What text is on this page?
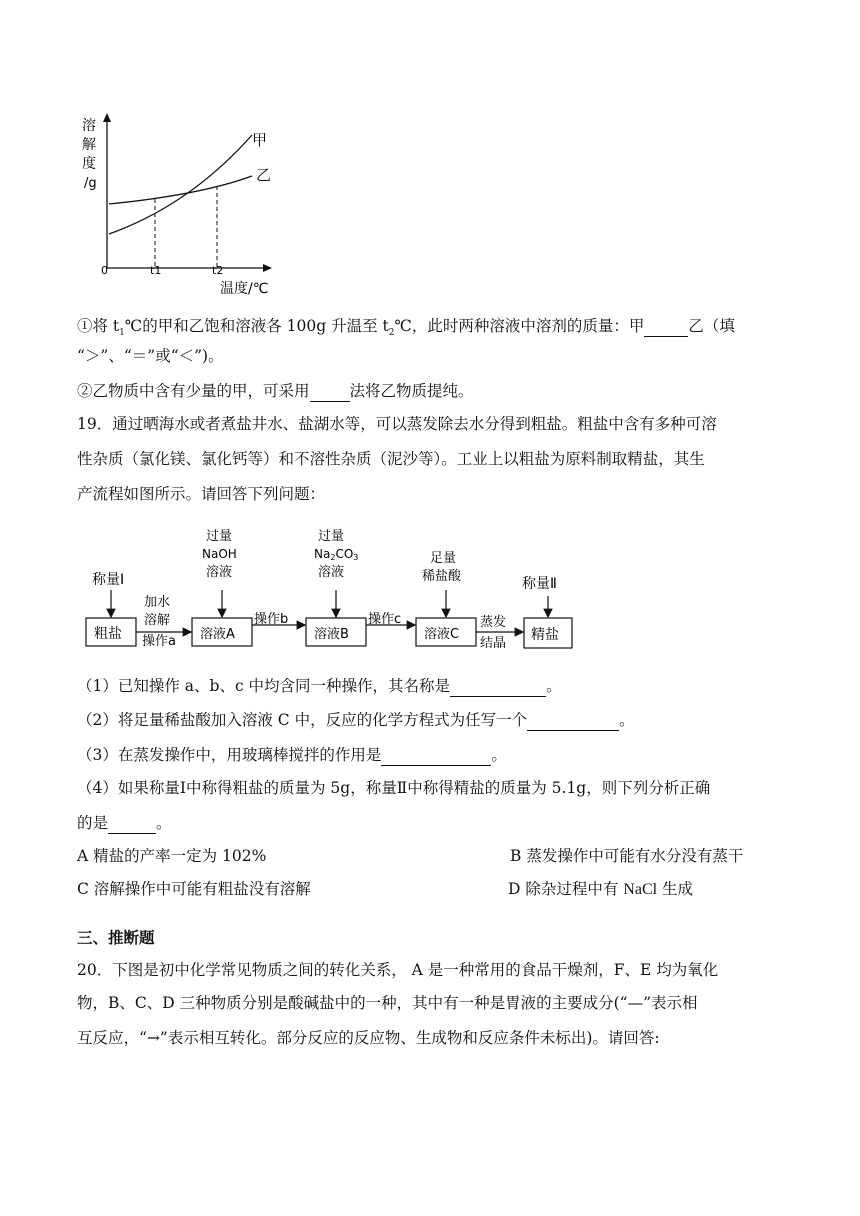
溶
解
度
/g
0	t1	t2
温度/℃
甲
乙
①将 $t_1℃$的甲和乙饱和溶液各 100g 升温至 $t_2℃$，此时两种溶液中溶剂的质量：甲	乙（填
“＞”、“＝”或“＜”)。
②乙物质中含有少量的甲，可采用	法将乙物质提纯。
19．通过晒海水或者煮盐井水、盐湖水等，可以蒸发除去水分得到粗盐。粗盐中含有多种可溶
性杂质（氯化镁、氯化钙等）和不溶性杂质（泥沙等）。工业上以粗盐为原料制取精盐，其生
产流程如图所示。请回答下列问题：
粗盐	溶液A	溶液B	溶液C	精盐
称量Ⅰ
过量
NaOH
溶液
过量
Na2CO3
溶液
足量
稀盐酸	称量Ⅱ
加水
溶解
操作a
操作b	操作c	蒸发
结晶
（1）已知操作 a、b、c 中均含同一种操作，其名称是	。
（2）将足量稀盐酸加入溶液 C 中，反应的化学方程式为任写一个	。
（3）在蒸发操作中，用玻璃棒搅拌的作用是	。
（4）如果称量Ⅰ中称得粗盐的质量为 5g，称量Ⅱ中称得精盐的质量为 5.1g，则下列分析正确
的是	。
A 精盐的产率一定为 102%	B 蒸发操作中可能有水分没有蒸干
C 溶解操作中可能有粗盐没有溶解	D 除杂过程中有 NaCl 生成
三、推断题
20．下图是初中化学常见物质之间的转化关系， A 是一种常用的食品干燥剂，F、E 均为氧化
物，B、C、D 三种物质分别是酸碱盐中的一种，其中有一种是胃液的主要成分(“—”表示相
互反应，“→”表示相互转化。部分反应的反应物、生成物和反应条件未标出)。请回答:
